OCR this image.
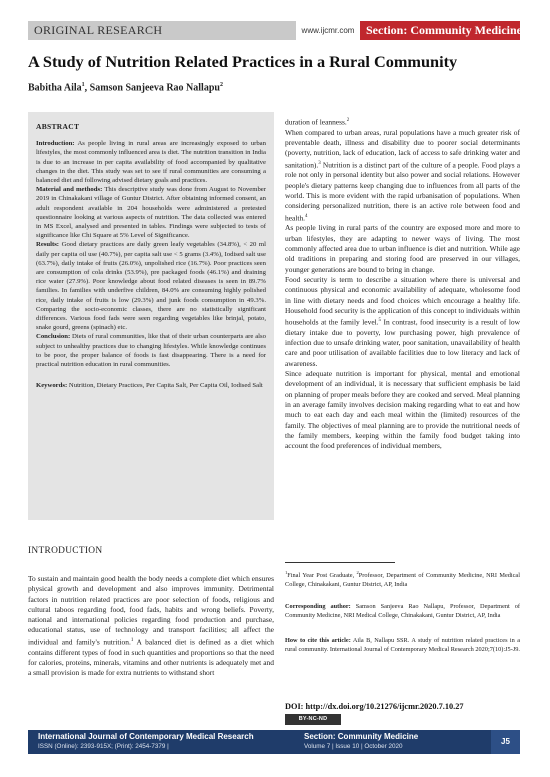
ORIGINAL RESEARCH	www.ijcmr.com Section: Community Medicine
A Study of Nutrition Related Practices in a Rural Community
Babitha Aila$^1$, Samson Sanjeeva Rao Nallapu$^2$
ABSTRACT

Introduction: As people living in rural areas are increasingly exposed to urban lifestyles, the most commonly influenced area is diet. The nutrition transition in India is due to an increase in per capita availability of food accompanied by qualitative changes in the diet. This study was set to see if rural communities are consuming a balanced diet and following advised dietary goals and practices.

Material and methods: This descriptive study was done from August to November 2019 in Chinakakani village of Guntur District. After obtaining informed consent, an adult respondent available in 204 households were administered a pretested questionnaire looking at various aspects of nutrition. The data collected was entered in MS Excel, analysed and presented in tables. Findings were subjected to tests of significance like Chi Square at 5% Level of Significance.

Results: Good dietary practices are daily green leafy vegetables (34.8%), < 20 ml daily per capita oil use (40.7%), per capita salt use < 5 grams (3.4%), Iodised salt use (63.7%), daily intake of fruits (26.0%), unpolished rice (16.7%). Poor practices seen are consumption of cola drinks (53.9%), pre packaged foods (46.1%) and draining rice water (27.9%). Poor knowledge about food related diseases is seen in 89.7% families. In families with underfive children, 84.0% are consuming highly polished rice, daily intake of fruits is low (29.3%) and junk foods consumption in 49.3%. Comparing the socio-economic classes, there are no statistically significant differences. Various food fads were seen regarding vegetables like brinjal, potato, snake gourd, greens (spinach) etc.

Conclusion: Diets of rural communities, like that of their urban counterparts are also subject to unhealthy practices due to changing lifestyles. While knowledge continues to be poor, the proper balance of foods is fast disappearing. There is a need for practical nutrition education in rural communities.

Keywords: Nutrition, Dietary Practices, Per Capita Salt, Per Capita Oil, Iodised Salt

INTRODUCTION

To sustain and maintain good health the body needs a complete diet which ensures physical growth and development and also improves immunity. Detrimental factors in nutrition related practices are poor selection of foods, religious and cultural taboos regarding food, food fads, habits and wrong beliefs. Poverty, national and international policies regarding food production and purchase, educational status, use of technology and transport facilities; all affect the individual and family's nutrition.$^1$ A balanced diet is defined as a diet which contains different types of food in such quantities and proportions so that the need for calories, proteins, minerals, vitamins and other nutrients is adequately met and a small provision is made for extra nutrients to withstand short

duration of leanness.$^2$

When compared to urban areas, rural populations have a much greater risk of preventable death, illness and disability due to poorer social determinants (poverty, nutrition, lack of education, lack of access to safe drinking water and sanitation).$^3$ Nutrition is a distinct part of the culture of a people. Food plays a role not only in personal identity but also power and social relations. However people's dietary patterns keep changing due to influences from all parts of the world. This is more evident with the rapid urbanisation of populations. When considering personalized nutrition, there is an active role between food and health.$^4$

As people living in rural parts of the country are exposed more and more to urban lifestyles, they are adapting to newer ways of living. The most commonly affected area due to urban influence is diet and nutrition. While age old traditions in preparing and storing food are preserved in our villages, younger generations are bound to bring in change.

Food security is term to describe a situation where there is universal and continuous physical and economic availability of adequate, wholesome food in line with dietary needs and food choices which encourage a healthy life. Household food security is the application of this concept to individuals within households at the family level.$^5$ In contrast, food insecurity is a result of low dietary intake due to poverty, low purchasing power, high prevalence of infection due to unsafe drinking water, poor sanitation, unavailability of health care and poor utilisation of available facilities due to low literacy and lack of awareness.

Since adequate nutrition is important for physical, mental and emotional development of an individual, it is necessary that sufficient emphasis be laid on planning of proper meals before they are cooked and served. Meal planning in an average family involves decision making regarding what to eat and how much to eat each day and each meal within the (limited) resources of the family. The objectives of meal planning are to provide the nutritional needs of the family members, keeping within the family food budget taking into account the food preferences of individual members,

$^1$Final Year Post Graduate, $^2$Professor, Department of Community Medicine, NRI Medical College, Chinakakani, Guntur District, AP, India
Corresponding author: Samson Sanjeeva Rao Nallapu, Professor, Department of Community Medicine, NRI Medical College, Chinakakani, Guntur District, AP, India
How to cite this article: Aila B, Nallapu SSR. A study of nutrition related practices in a rural community. International Journal of Contemporary Medical Research 2020;7(10):J5-J9.
DOI: http://dx.doi.org/10.21276/ijcmr.2020.7.10.27
BY-NC-ND
International Journal of Contemporary Medical Research
ISSN (Online): 2393-915X; (Print): 2454-7379 |
Section: Community Medicine
Volume 7 | Issue 10 | October 2020
J5
